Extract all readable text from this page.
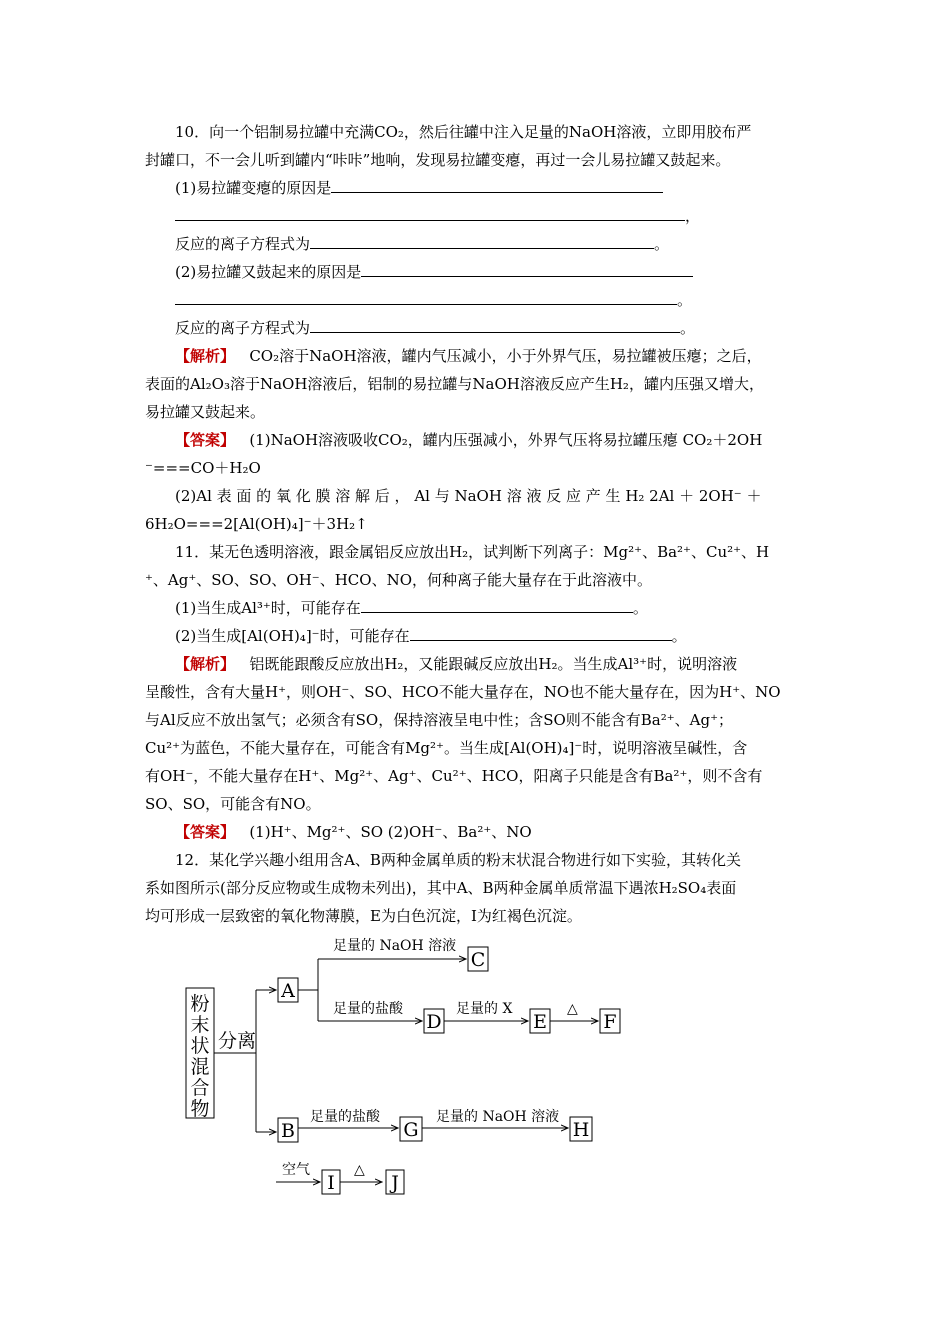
10．向一个铝制易拉罐中充满CO₂，然后往罐中注入足量的NaOH溶液，立即用胶布严
封罐口，不一会儿听到罐内“咔咔”地响，发现易拉罐变瘪，再过一会儿易拉罐又鼓起来。
(1)易拉罐变瘪的原因是
，
反应的离子方程式为	。
(2)易拉罐又鼓起来的原因是
。
反应的离子方程式为	。
【解析】 CO₂溶于NaOH溶液，罐内气压减小，小于外界气压，易拉罐被压瘪；之后，
表面的Al₂O₃溶于NaOH溶液后，铝制的易拉罐与NaOH溶液反应产生H₂，罐内压强又增大，
易拉罐又鼓起来。
【答案】 (1)NaOH溶液吸收CO₂，罐内压强减小，外界气压将易拉罐压瘪 CO₂＋2OH
⁻===CO＋H₂O
(2)Al 表 面 的 氧 化 膜 溶 解 后 ， Al 与 NaOH 溶 液 反 应 产 生 H₂ 2Al ＋ 2OH⁻ ＋
6H₂O===2[Al(OH)₄]⁻＋3H₂↑
11．某无色透明溶液，跟金属铝反应放出H₂，试判断下列离子：Mg²⁺、Ba²⁺、Cu²⁺、H
⁺、Ag⁺、SO、SO、OH⁻、HCO、NO，何种离子能大量存在于此溶液中。
(1)当生成Al³⁺时，可能存在	。
(2)当生成[Al(OH)₄]⁻时，可能存在	。
【解析】 铝既能跟酸反应放出H₂，又能跟碱反应放出H₂。当生成Al³⁺时，说明溶液
呈酸性，含有大量H⁺，则OH⁻、SO、HCO不能大量存在，NO也不能大量存在，因为H⁺、NO
与Al反应不放出氢气；必须含有SO，保持溶液呈电中性；含SO则不能含有Ba²⁺、Ag⁺；
Cu²⁺为蓝色，不能大量存在，可能含有Mg²⁺。当生成[Al(OH)₄]⁻时，说明溶液呈碱性，含
有OH⁻，不能大量存在H⁺、Mg²⁺、Ag⁺、Cu²⁺、HCO，阳离子只能是含有Ba²⁺，则不含有
SO、SO，可能含有NO。
【答案】 (1)H⁺、Mg²⁺、SO (2)OH⁻、Ba²⁺、NO
12．某化学兴趣小组用含A、B两种金属单质的粉末状混合物进行如下实验，其转化关
系如图所示(部分反应物或生成物未列出)，其中A、B两种金属单质常温下遇浓H₂SO₄表面
均可形成一层致密的氧化物薄膜，E为白色沉淀，I为红褐色沉淀。
粉
末
状
混
合
物
分离
A
C
D	E	F
B	G	H
I	J
足量的 NaOH 溶液
足量的盐酸	足量的 X	△
足量的盐酸	足量的 NaOH 溶液
空气	△
